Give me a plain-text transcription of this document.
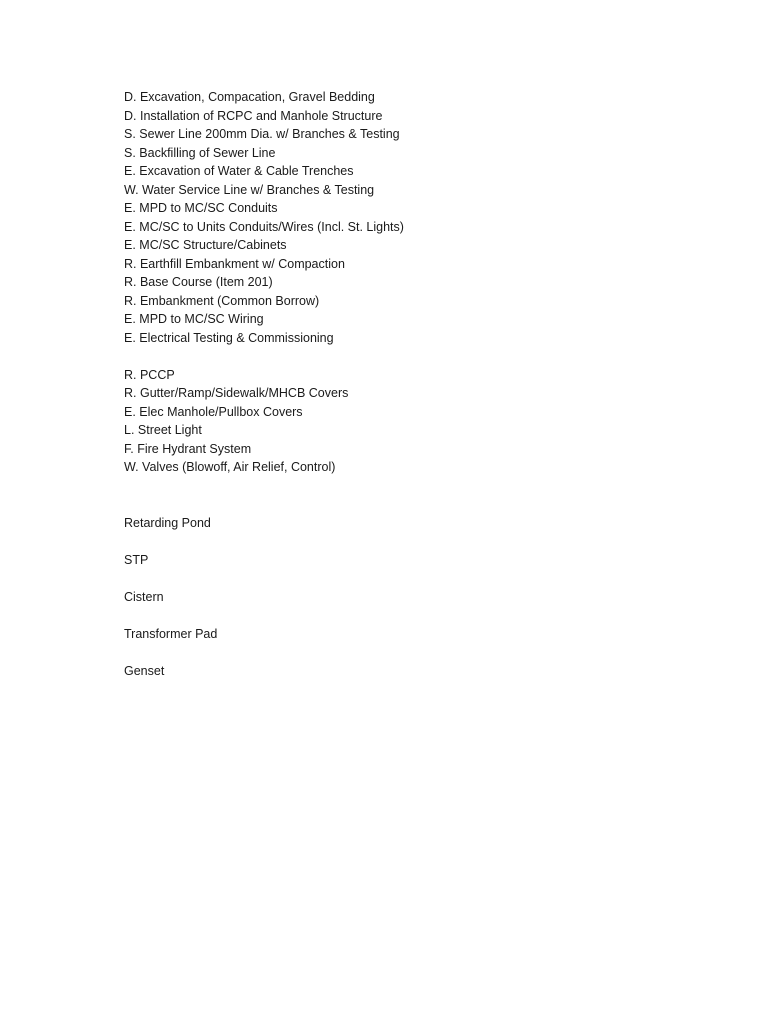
D. Excavation, Compacation, Gravel Bedding
D. Installation of RCPC and Manhole Structure
S. Sewer Line 200mm Dia. w/ Branches & Testing
S. Backfilling of Sewer Line
E. Excavation of Water & Cable Trenches
W. Water Service Line w/ Branches & Testing
E. MPD to MC/SC Conduits
E. MC/SC to Units Conduits/Wires (Incl. St. Lights)
E. MC/SC Structure/Cabinets
R. Earthfill Embankment w/ Compaction
R. Base Course (Item 201)
R. Embankment (Common Borrow)
E. MPD to MC/SC Wiring
E. Electrical Testing & Commissioning
R. PCCP
R. Gutter/Ramp/Sidewalk/MHCB Covers
E. Elec Manhole/Pullbox Covers
L. Street Light
F. Fire Hydrant System
W. Valves (Blowoff, Air Relief, Control)
Retarding Pond
STP
Cistern
Transformer Pad
Genset
